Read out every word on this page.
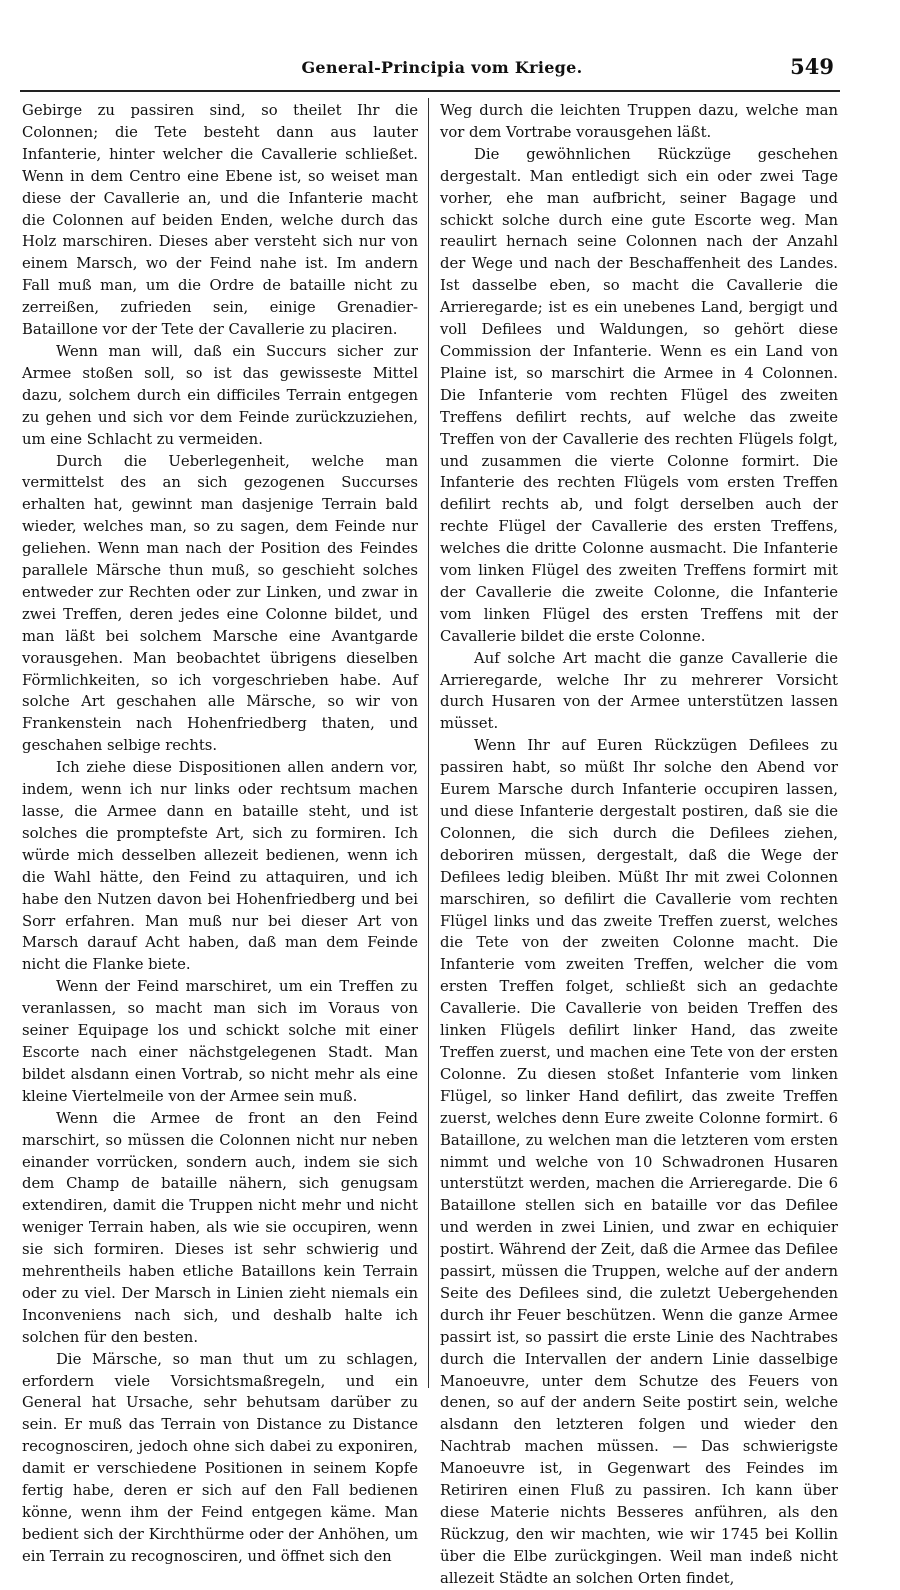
General-Principia vom Kriege.	549

Gebirge zu passiren sind, so theilet Ihr die Colonnen; die Tete besteht dann aus lauter Infanterie, hinter welcher die Cavallerie schließet. Wenn in dem Centro eine Ebene ist, so weiset man diese der Cavallerie an, und die Infanterie macht die Colonnen auf beiden Enden, welche durch das Holz marschiren. Dieses aber versteht sich nur von einem Marsch, wo der Feind nahe ist. Im andern Fall muß man, um die Ordre de bataille nicht zu zerreißen, zufrieden sein, einige Grenadier-Bataillone vor der Tete der Cavallerie zu placiren.

Wenn man will, daß ein Succurs sicher zur Armee stoßen soll, so ist das gewisseste Mittel dazu, solchem durch ein difficiles Terrain entgegen zu gehen und sich vor dem Feinde zurückzuziehen, um eine Schlacht zu vermeiden.

Durch die Ueberlegenheit, welche man vermittelst des an sich gezogenen Succurses erhalten hat, gewinnt man dasjenige Terrain bald wieder, welches man, so zu sagen, dem Feinde nur geliehen. Wenn man nach der Position des Feindes parallele Märsche thun muß, so geschieht solches entweder zur Rechten oder zur Linken, und zwar in zwei Treffen, deren jedes eine Colonne bildet, und man läßt bei solchem Marsche eine Avantgarde vorausgehen. Man beobachtet übrigens dieselben Förmlichkeiten, so ich vorgeschrieben habe. Auf solche Art geschahen alle Märsche, so wir von Frankenstein nach Hohenfriedberg thaten, und geschahen selbige rechts.

Ich ziehe diese Dispositionen allen andern vor, indem, wenn ich nur links oder rechtsum machen lasse, die Armee dann en bataille steht, und ist solches die promptefste Art, sich zu formiren. Ich würde mich desselben allezeit bedienen, wenn ich die Wahl hätte, den Feind zu attaquiren, und ich habe den Nutzen davon bei Hohenfriedberg und bei Sorr erfahren. Man muß nur bei dieser Art von Marsch darauf Acht haben, daß man dem Feinde nicht die Flanke biete.

Wenn der Feind marschiret, um ein Treffen zu veranlassen, so macht man sich im Voraus von seiner Equipage los und schickt solche mit einer Escorte nach einer nächstgelegenen Stadt. Man bildet alsdann einen Vortrab, so nicht mehr als eine kleine Viertelmeile von der Armee sein muß.

Wenn die Armee de front an den Feind marschirt, so müssen die Colonnen nicht nur neben einander vorrücken, sondern auch, indem sie sich dem Champ de bataille nähern, sich genugsam extendiren, damit die Truppen nicht mehr und nicht weniger Terrain haben, als wie sie occupiren, wenn sie sich formiren. Dieses ist sehr schwierig und mehrentheils haben etliche Bataillons kein Terrain oder zu viel. Der Marsch in Linien zieht niemals ein Inconveniens nach sich, und deshalb halte ich solchen für den besten.

Die Märsche, so man thut um zu schlagen, erfordern viele Vorsichtsmaßregeln, und ein General hat Ursache, sehr behutsam darüber zu sein. Er muß das Terrain von Distance zu Distance recognosciren, jedoch ohne sich dabei zu exponiren, damit er verschiedene Positionen in seinem Kopfe fertig habe, deren er sich auf den Fall bedienen könne, wenn ihm der Feind entgegen käme. Man bedient sich der Kirchthürme oder der Anhöhen, um ein Terrain zu recognosciren, und öffnet sich den

Weg durch die leichten Truppen dazu, welche man vor dem Vortrabe vorausgehen läßt.

Die gewöhnlichen Rückzüge geschehen dergestalt. Man entledigt sich ein oder zwei Tage vorher, ehe man aufbricht, seiner Bagage und schickt solche durch eine gute Escorte weg. Man reaulirt hernach seine Colonnen nach der Anzahl der Wege und nach der Beschaffenheit des Landes. Ist dasselbe eben, so macht die Cavallerie die Arrieregarde; ist es ein unebenes Land, bergigt und voll Defilees und Waldungen, so gehört diese Commission der Infanterie. Wenn es ein Land von Plaine ist, so marschirt die Armee in 4 Colonnen. Die Infanterie vom rechten Flügel des zweiten Treffens defilirt rechts, auf welche das zweite Treffen von der Cavallerie des rechten Flügels folgt, und zusammen die vierte Colonne formirt. Die Infanterie des rechten Flügels vom ersten Treffen defilirt rechts ab, und folgt derselben auch der rechte Flügel der Cavallerie des ersten Treffens, welches die dritte Colonne ausmacht. Die Infanterie vom linken Flügel des zweiten Treffens formirt mit der Cavallerie die zweite Colonne, die Infanterie vom linken Flügel des ersten Treffens mit der Cavallerie bildet die erste Colonne.

Auf solche Art macht die ganze Cavallerie die Arrieregarde, welche Ihr zu mehrerer Vorsicht durch Husaren von der Armee unterstützen lassen müsset.

Wenn Ihr auf Euren Rückzügen Defilees zu passiren habt, so müßt Ihr solche den Abend vor Eurem Marsche durch Infanterie occupiren lassen, und diese Infanterie dergestalt postiren, daß sie die Colonnen, die sich durch die Defilees ziehen, deboriren müssen, dergestalt, daß die Wege der Defilees ledig bleiben. Müßt Ihr mit zwei Colonnen marschiren, so defilirt die Cavallerie vom rechten Flügel links und das zweite Treffen zuerst, welches die Tete von der zweiten Colonne macht. Die Infanterie vom zweiten Treffen, welcher die vom ersten Treffen folget, schließt sich an gedachte Cavallerie. Die Cavallerie von beiden Treffen des linken Flügels defilirt linker Hand, das zweite Treffen zuerst, und machen eine Tete von der ersten Colonne. Zu diesen stoßet Infanterie vom linken Flügel, so linker Hand defilirt, das zweite Treffen zuerst, welches denn Eure zweite Colonne formirt. 6 Bataillone, zu welchen man die letzteren vom ersten nimmt und welche von 10 Schwadronen Husaren unterstützt werden, machen die Arrieregarde. Die 6 Bataillone stellen sich en bataille vor das Defilee und werden in zwei Linien, und zwar en echiquier postirt. Während der Zeit, daß die Armee das Defilee passirt, müssen die Truppen, welche auf der andern Seite des Defilees sind, die zuletzt Uebergehenden durch ihr Feuer beschützen. Wenn die ganze Armee passirt ist, so passirt die erste Linie des Nachtrabes durch die Intervallen der andern Linie dasselbige Manoeuvre, unter dem Schutze des Feuers von denen, so auf der andern Seite postirt sein, welche alsdann den letzteren folgen und wieder den Nachtrab machen müssen. — Das schwierigste Manoeuvre ist, in Gegenwart des Feindes im Retiriren einen Fluß zu passiren. Ich kann über diese Materie nichts Besseres anführen, als den Rückzug, den wir machten, wie wir 1745 bei Kollin über die Elbe zurückgingen. Weil man indeß nicht allezeit Städte an solchen Orten findet,
